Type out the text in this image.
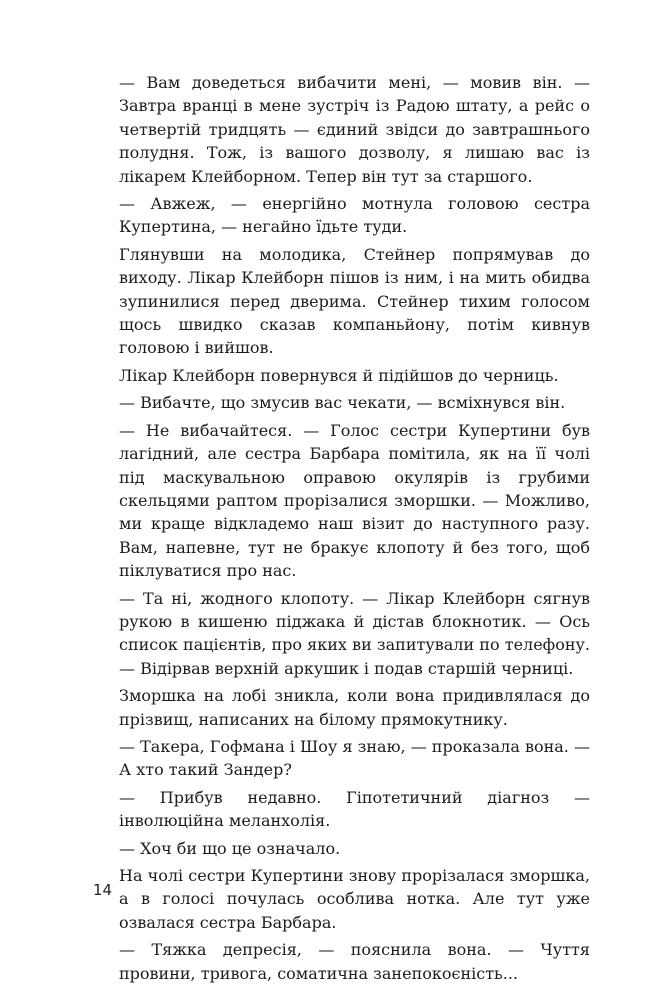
— Вам доведеться вибачити мені, — мовив він. — Завтра вранці в мене зустріч із Радою штату, а рейс о четвертій тридцять — єдиний звідси до завтрашнього полудня. Тож, із вашого дозволу, я лишаю вас із лікарем Клейборном. Тепер він тут за старшого.

— Авжеж, — енергійно мотнула головою сестра Купертина, — негайно їдьте туди.

Глянувши на молодика, Стейнер попрямував до виходу. Лікар Клейборн пішов із ним, і на мить обидва зупинилися перед дверима. Стейнер тихим голосом щось швидко сказав компаньйону, потім кивнув головою і вийшов.

Лікар Клейборн повернувся й підійшов до черниць.

— Вибачте, що змусив вас чекати, — всміхнувся він.

— Не вибачайтеся. — Голос сестри Купертини був лагідний, але сестра Барбара помітила, як на її чолі під маскувальною оправою окулярів із грубими скельцями раптом прорізалися зморшки. — Можливо, ми краще відкладемо наш візит до наступного разу. Вам, напевне, тут не бракує клопоту й без того, щоб піклуватися про нас.

— Та ні, жодного клопоту. — Лікар Клейборн сягнув рукою в кишеню піджака й дістав блокнотик. — Ось список пацієнтів, про яких ви запитували по телефону. — Відірвав верхній аркушик і подав старшій черниці.

Зморшка на лобі зникла, коли вона придивлялася до прізвищ, написаних на білому прямокутнику.

— Такера, Гофмана і Шоу я знаю, — проказала вона. — А хто такий Зандер?

— Прибув недавно. Гіпотетичний діагноз — інволюційна меланхолія.

— Хоч би що це означало.

На чолі сестри Купертини знову прорізалася зморшка, а в голосі почулась особлива нотка. Але тут уже озвалася сестра Барбара.

— Тяжка депресія, — пояснила вона. — Чуття провини, тривога, соматична занепокоєність...

14
